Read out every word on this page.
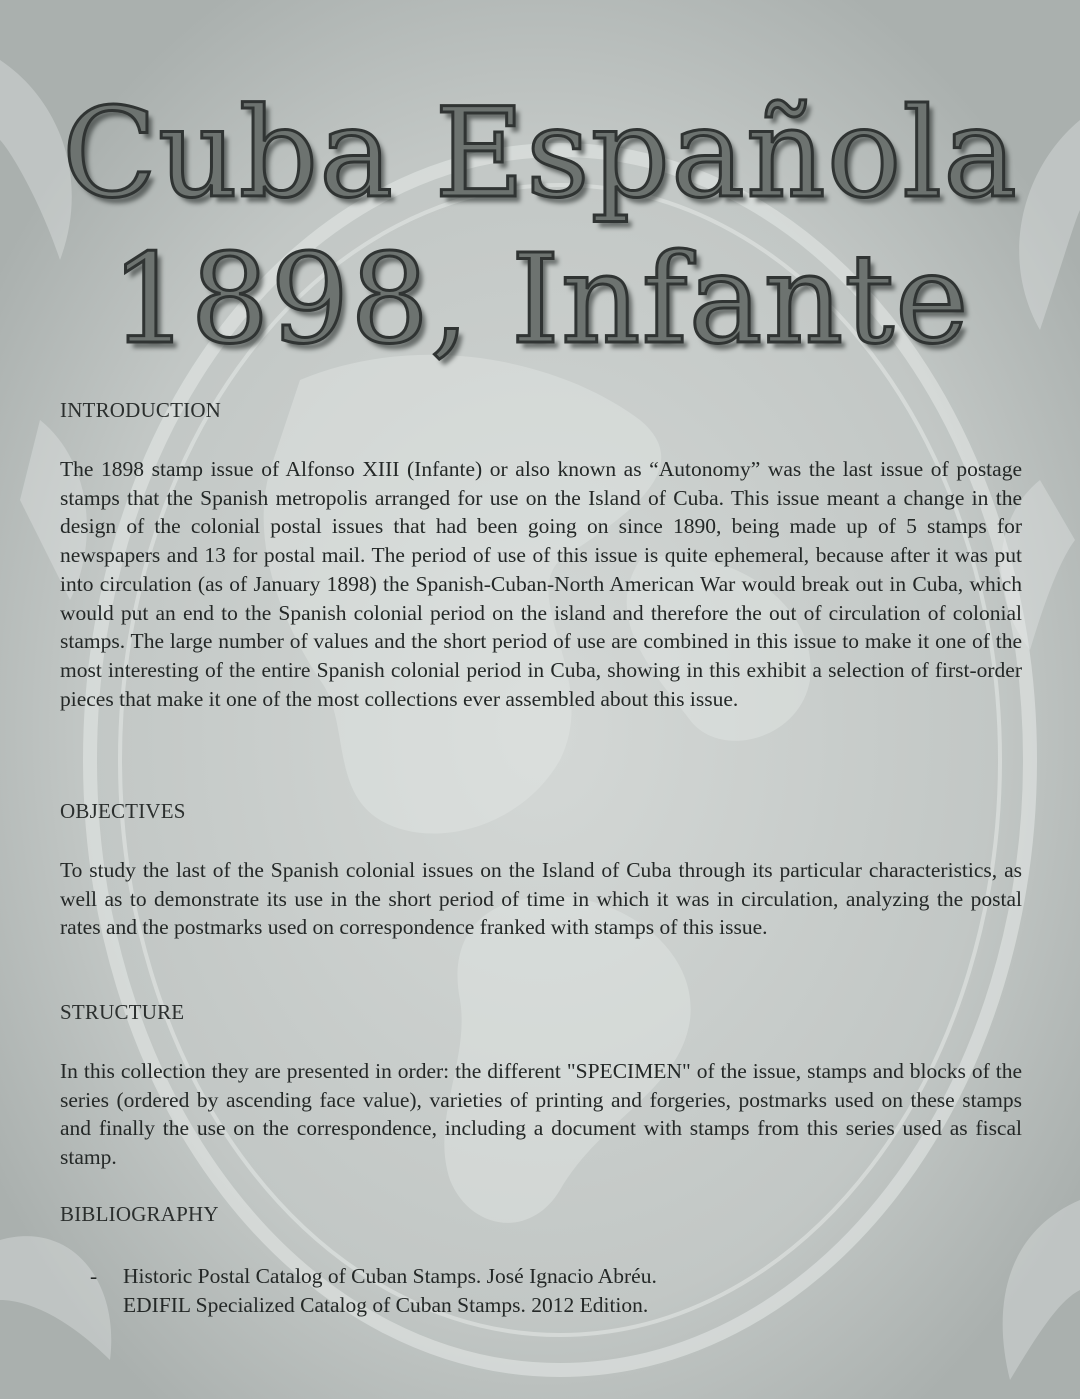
Cuba Española
1898, Infante
INTRODUCTION

The 1898 stamp issue of Alfonso XIII (Infante) or also known as “Autonomy” was the last issue of postage stamps that the Spanish metropolis arranged for use on the Island of Cuba. This issue meant a change in the design of the colonial postal issues that had been going on since 1890, being made up of 5 stamps for newspapers and 13 for postal mail. The period of use of this issue is quite ephemeral, because after it was put into circulation (as of January 1898) the Spanish-Cuban-North American War would break out in Cuba, which would put an end to the Spanish colonial period on the island and therefore the out of circulation of colonial stamps. The large number of values and the short period of use are combined in this issue to make it one of the most interesting of the entire Spanish colonial period in Cuba, showing in this exhibit a selection of first-order pieces that make it one of the most collections ever assembled about this issue.

OBJECTIVES

To study the last of the Spanish colonial issues on the Island of Cuba through its particular characteristics, as well as to demonstrate its use in the short period of time in which it was in circulation, analyzing the postal rates and the postmarks used on correspondence franked with stamps of this issue.

STRUCTURE

In this collection they are presented in order: the different "SPECIMEN" of the issue, stamps and blocks of the series (ordered by ascending face value), varieties of printing and forgeries, postmarks used on these stamps and finally the use on the correspondence, including a document with stamps from this series used as fiscal stamp.

BIBLIOGRAPHY
- Historic Postal Catalog of Cuban Stamps. José Ignacio Abréu.
EDIFIL Specialized Catalog of Cuban Stamps. 2012 Edition.
